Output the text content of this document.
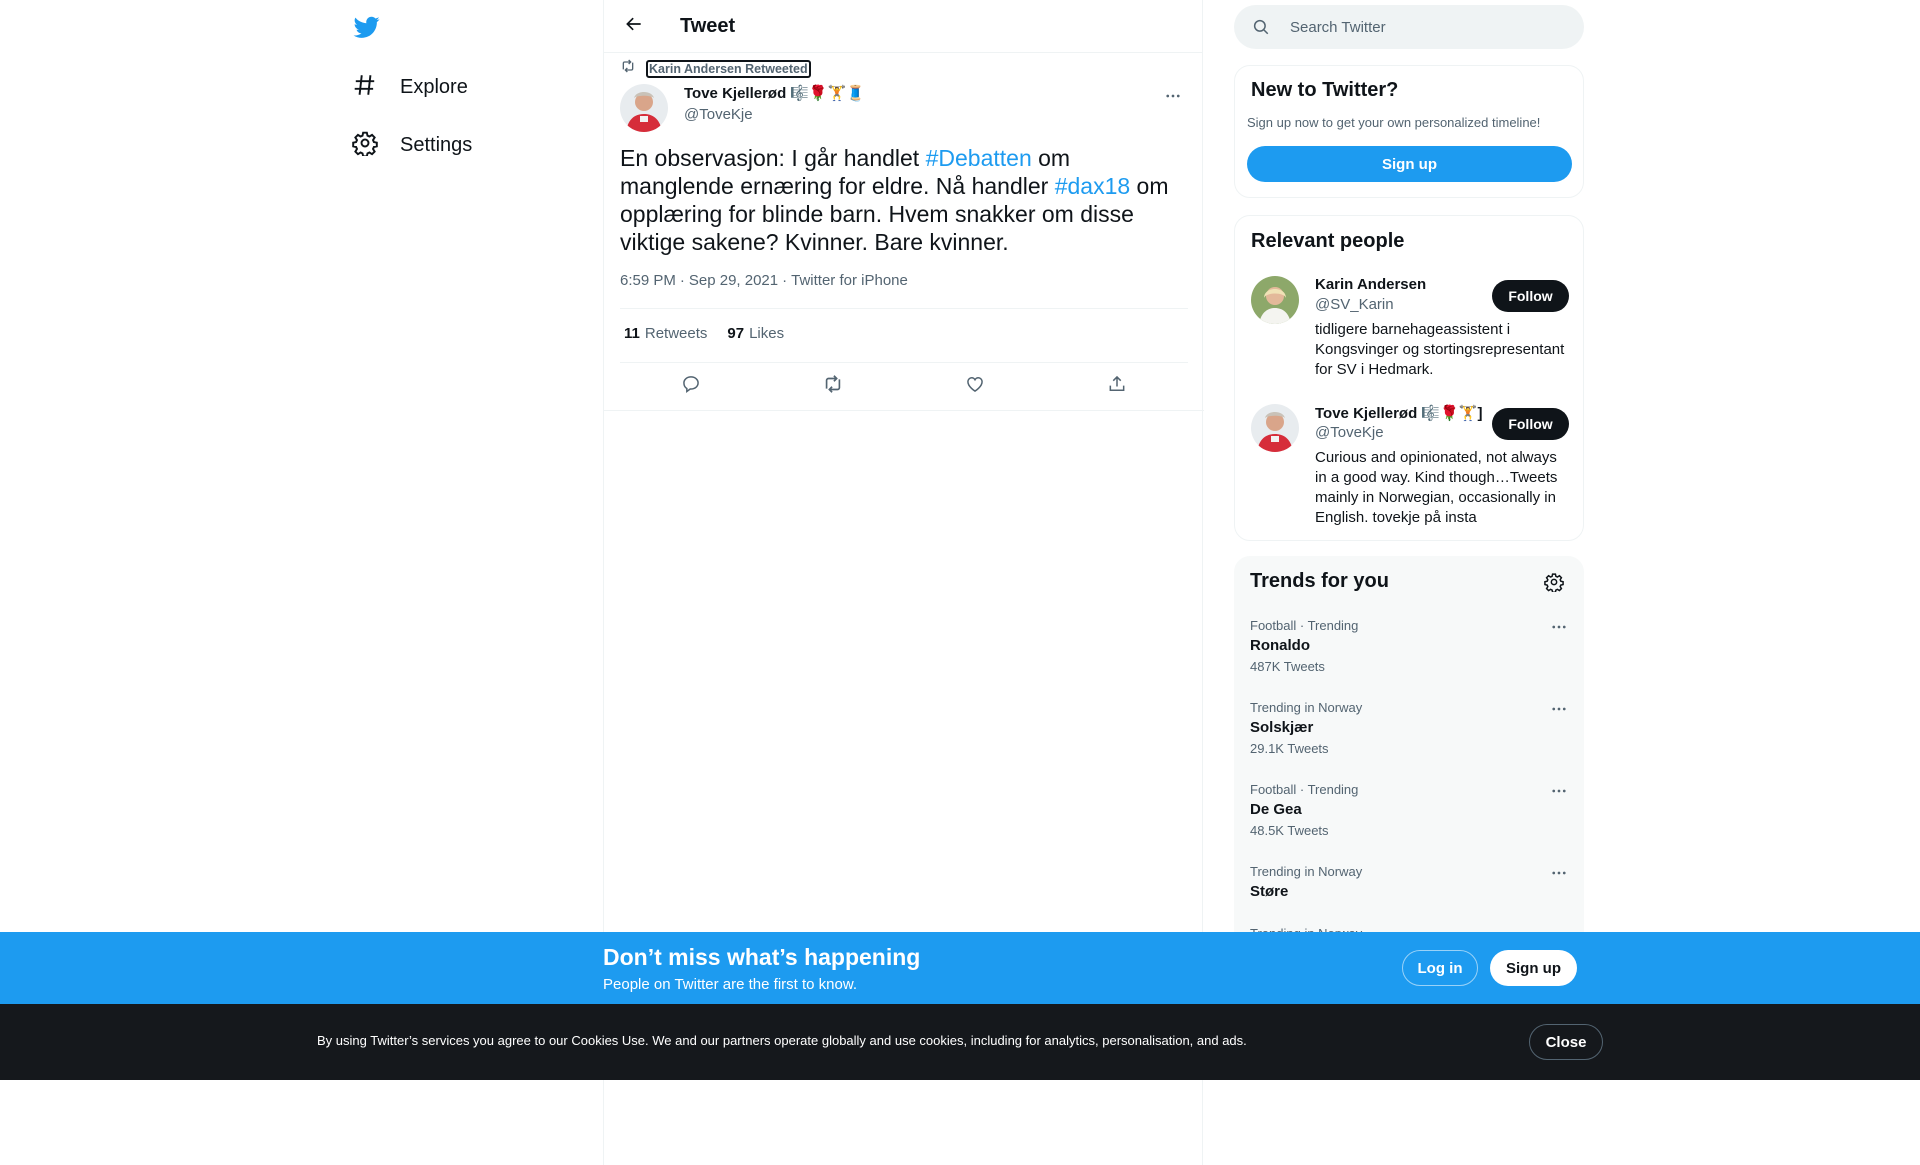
Explore
Settings
Tweet
Karin Andersen Retweeted
Tove Kjellerød 🎼🌹🏋️🧵
@ToveKje
En observasjon: I går handlet #Debatten om manglende ernæring for eldre. Nå handler #dax18 om opplæring for blinde barn. Hvem snakker om disse viktige sakene? Kvinner. Bare kvinner.
6:59 PM · Sep 29, 2021 · Twitter for iPhone
11 Retweets 97 Likes
Search Twitter
New to Twitter?
Sign up now to get your own personalized timeline!
Sign up
Relevant people
Karin Andersen
@SV_Karin
tidligere barnehageassistent i Kongsvinger og stortingsrepresentant for SV i Hedmark.
Follow
Tove Kjellerød 🎼🌹🏋️]
@ToveKje
Curious and opinionated, not always in a good way. Kind though…Tweets mainly in Norwegian, occasionally in English. tovekje på insta
Follow
Trends for you
Football · Trending
Ronaldo
487K Tweets
Trending in Norway
Solskjær
29.1K Tweets
Football · Trending
De Gea
48.5K Tweets
Trending in Norway
Støre
Don’t miss what’s happening
People on Twitter are the first to know.
Log in	Sign up
By using Twitter’s services you agree to our Cookies Use. We and our partners operate globally and use cookies, including for analytics, personalisation, and ads.	Close
